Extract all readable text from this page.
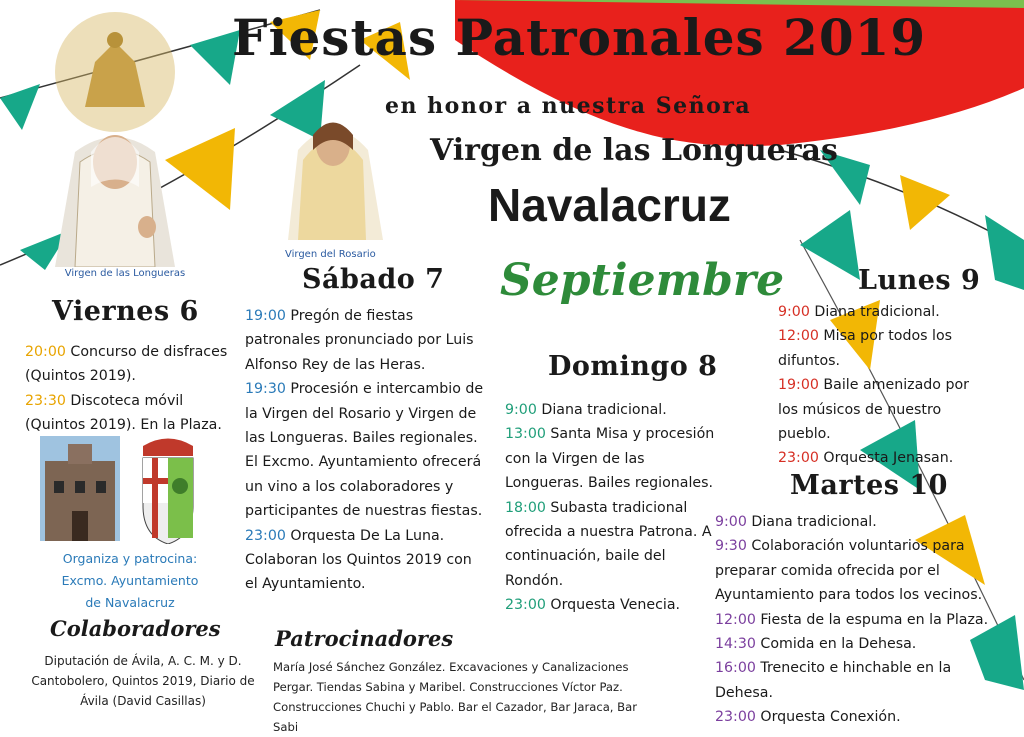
Virgen de las Longueras
Virgen del Rosario
Fiestas Patronales 2019
en honor a nuestra Señora
Virgen de las Longueras
Navalacruz
Septiembre
Viernes 6
20:00 Concurso de disfraces (Quintos 2019).
23:30 Discoteca móvil (Quintos 2019). En la Plaza.
Organiza y patrocina:
Excmo. Ayuntamiento
de Navalacruz
Colaboradores
Diputación de Ávila, A. C. M. y D. Cantobolero, Quintos 2019, Diario de Ávila (David Casillas)
Sábado 7
19:00 Pregón de fiestas patronales pronunciado por Luis Alfonso Rey de las Heras.
19:30 Procesión e intercambio de la Virgen del Rosario y Virgen de las Longueras. Bailes regionales. El Excmo. Ayuntamiento ofrecerá un vino a los colaboradores y participantes de nuestras fiestas.
23:00 Orquesta De La Luna. Colaboran los Quintos 2019 con el Ayuntamiento.
Patrocinadores
María José Sánchez González. Excavaciones y Canalizaciones Pergar. Tiendas Sabina y Maribel. Construcciones Víctor Paz. Construcciones Chuchi y Pablo. Bar el Cazador, Bar Jaraca, Bar Sabi
Domingo 8
9:00 Diana tradicional.
13:00 Santa Misa y procesión con la Virgen de las Longueras. Bailes regionales.
18:00 Subasta tradicional ofrecida a nuestra Patrona. A continuación, baile del Rondón.
23:00 Orquesta Venecia.
Lunes 9
9:00 Diana tradicional.
12:00 Misa por todos los difuntos.
19:00 Baile amenizado por los músicos de nuestro pueblo.
23:00 Orquesta Jenasan.
Martes 10
9:00 Diana tradicional.
9:30 Colaboración voluntarios para preparar comida ofrecida por el Ayuntamiento para todos los vecinos.
12:00 Fiesta de la espuma en la Plaza.
14:30 Comida en la Dehesa.
16:00 Trenecito e hinchable en la Dehesa.
23:00 Orquesta Conexión.
